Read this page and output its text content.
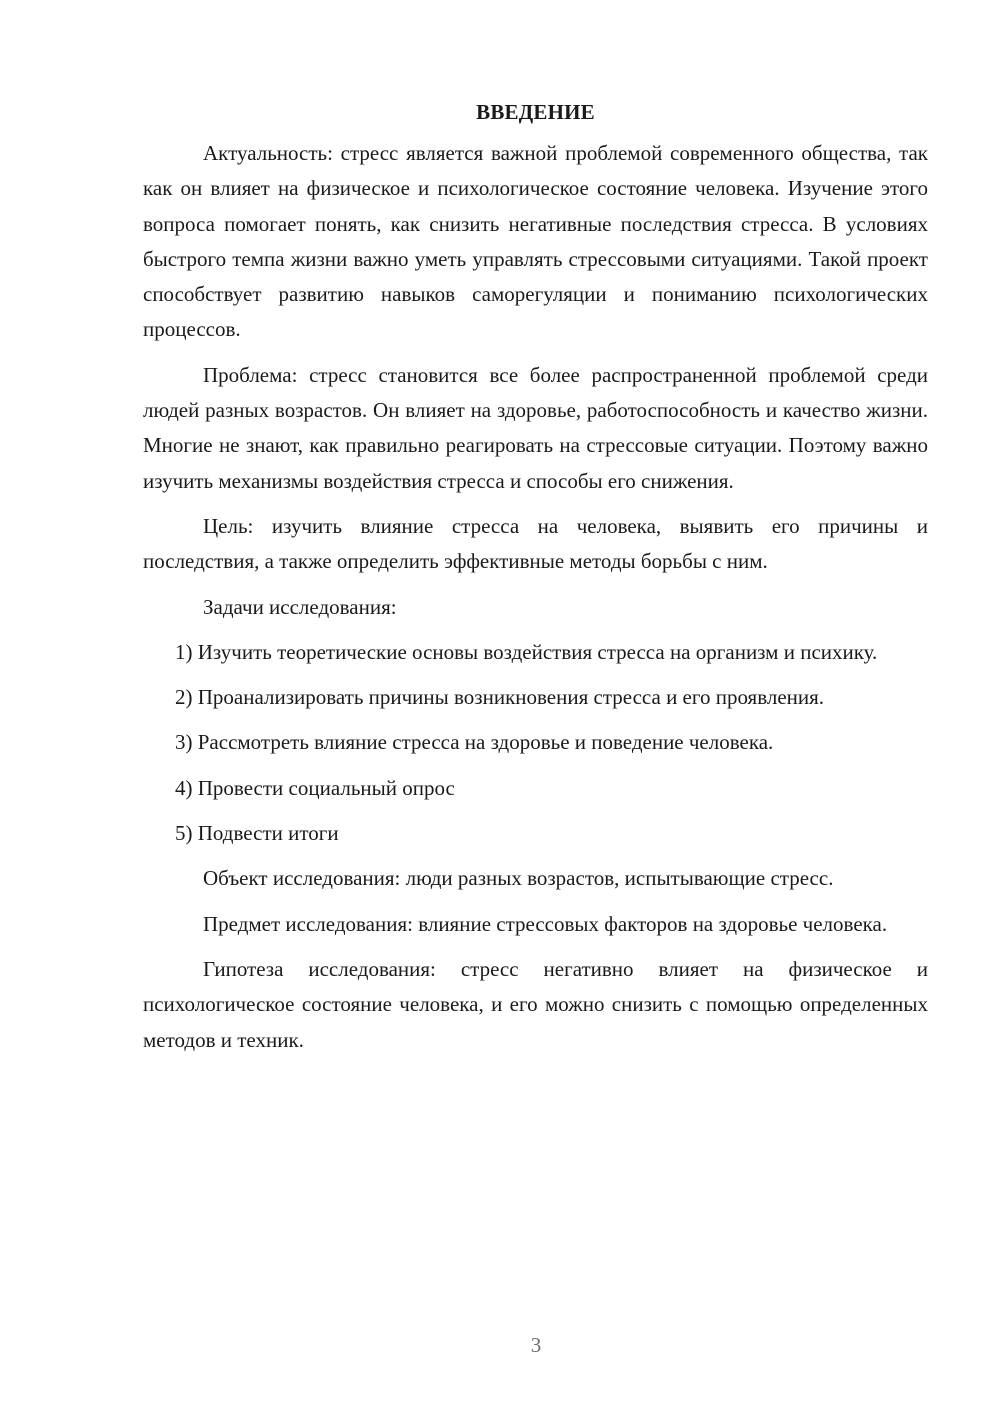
ВВЕДЕНИЕ

Актуальность: стресс является важной проблемой современного общества, так как он влияет на физическое и психологическое состояние человека. Изучение этого вопроса помогает понять, как снизить негативные последствия стресса. В условиях быстрого темпа жизни важно уметь управлять стрессовыми ситуациями. Такой проект способствует развитию навыков саморегуляции и пониманию психологических процессов.

Проблема: стресс становится все более распространенной проблемой среди людей разных возрастов. Он влияет на здоровье, работоспособность и качество жизни. Многие не знают, как правильно реагировать на стрессовые ситуации. Поэтому важно изучить механизмы воздействия стресса и способы его снижения.

Цель: изучить влияние стресса на человека, выявить его причины и последствия, а также определить эффективные методы борьбы с ним.

Задачи исследования:

1) Изучить теоретические основы воздействия стресса на организм и психику.

2) Проанализировать причины возникновения стресса и его проявления.

3) Рассмотреть влияние стресса на здоровье и поведение человека.

4) Провести социальный опрос

5) Подвести итоги

Объект исследования: люди разных возрастов, испытывающие стресс.

Предмет исследования: влияние стрессовых факторов на здоровье человека.

Гипотеза исследования: стресс негативно влияет на физическое и психологическое состояние человека, и его можно снизить с помощью определенных методов и техник.

3
